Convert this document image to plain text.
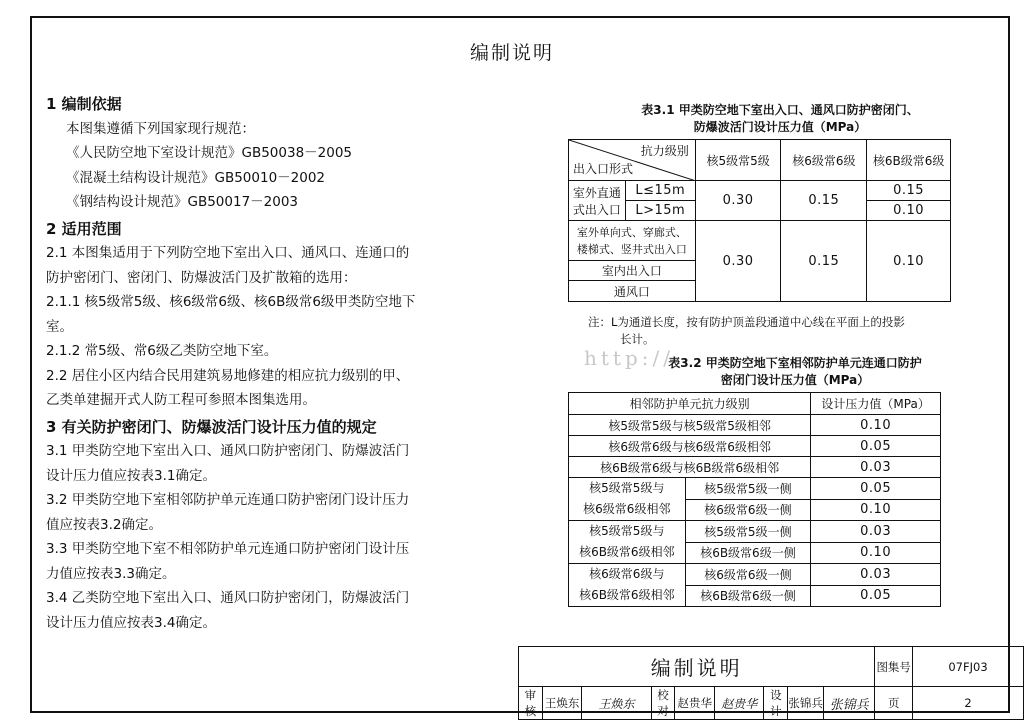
编制说明

1 编制依据

本图集遵循下列国家现行规范：

《人民防空地下室设计规范》GB50038－2005

《混凝土结构设计规范》GB50010－2002

《钢结构设计规范》GB50017－2003

2 适用范围

2.1 本图集适用于下列防空地下室出入口、通风口、连通口的

防护密闭门、密闭门、防爆波活门及扩散箱的选用：

2.1.1 核5级常5级、核6级常6级、核6B级常6级甲类防空地下

室。

2.1.2 常5级、常6级乙类防空地下室。

2.2 居住小区内结合民用建筑易地修建的相应抗力级别的甲、

乙类单建掘开式人防工程可参照本图集选用。

3 有关防护密闭门、防爆波活门设计压力值的规定

3.1 甲类防空地下室出入口、通风口防护密闭门、防爆波活门

设计压力值应按表3.1确定。

3.2 甲类防空地下室相邻防护单元连通口防护密闭门设计压力

值应按表3.2确定。

3.3 甲类防空地下室不相邻防护单元连通口防护密闭门设计压

力值应按表3.3确定。

3.4 乙类防空地下室出入口、通风口防护密闭门，防爆波活门

设计压力值应按表3.4确定。

表3.1 甲类防空地下室出入口、通风口防护密闭门、
防爆波活门设计压力值（MPa）
抗力级别
出入口形式		核5级常5级	核6级常6级	核6B级常6级

室外直通
式出入口	L≤15m	0.30	0.15	0.15
	L>15m			0.10

室外单向式、穿廊式、
楼梯式、竖井式出入口		0.30	0.15	0.10

室内出入口				
通风口				
注：L为通道长度，按有防护顶盖段通道中心线在平面上的投影
长计。
http://
表3.2 甲类防空地下室相邻防护单元连通口防护
密闭门设计压力值（MPa）
相邻防护单元抗力级别		设计压力值（MPa）
核5级常5级与核5级常5级相邻		0.10
核6级常6级与核6级常6级相邻		0.05
核6B级常6级与核6B级常6级相邻		0.03

核5级常5级与
核6级常6级相邻	核5级常5级一侧	0.05
	核6级常6级一侧	0.10

核5级常5级与
核6B级常6级相邻	核5级常5级一侧	0.03
	核6B级常6级一侧	0.10

核6级常6级与
核6B级常6级相邻	核6级常6级一侧	0.03
	核6B级常6级一侧	0.05
编制说明									图集号	07FJ03
审核	王焕东	王焕东	校对	赵贵华	赵贵华	设计	张锦兵	张锦兵	页	2
